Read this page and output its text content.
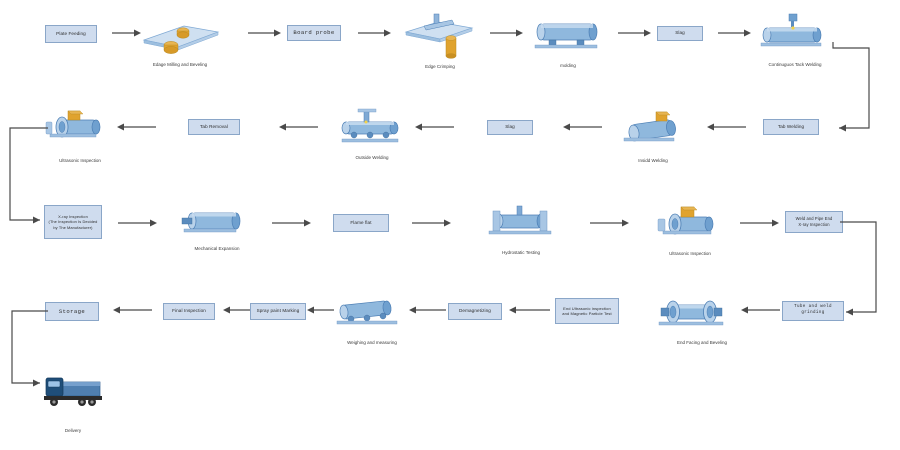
Plate Feeding
Edage Milling and Beveling
Board probe
Edge Crimping	molding
Slag
Continuguos Tack Welding
Ultrasonic Inspection
Tab Removal
Outside Welding
Slag
Insidd Welding
Tab Welding
X-ray Inspection
(The Inspection Is Decided
by The Manufacturer)
Mechanical Expansion
Flame flat
Hydrostatic Testing	Ultrasonic Inspection
Weld and Pipe End
X-ray Inspection
Storage	Final Inspection	Spray paint Marking
Weighing and measuring
Demagnetizing
End Ultrasonic inspection
and Magnetic Particle Test
End Facing and Beveling
Tube and weld grinding
Delivery
